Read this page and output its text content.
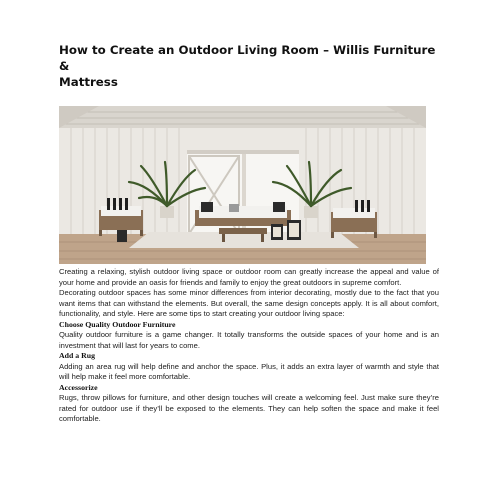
How to Create an Outdoor Living Room – Willis Furniture &
Mattress

Creating a relaxing, stylish outdoor living space or outdoor room can greatly increase the appeal and value of your home and provide an oasis for friends and family to enjoy the great outdoors in supreme comfort.

Decorating outdoor spaces has some minor differences from interior decorating, mostly due to the fact that you want items that can withstand the elements. But overall, the same design concepts apply. It is all about comfort, functionality, and style. Here are some tips to start creating your outdoor living space:

Choose Quality Outdoor Furniture

Quality outdoor furniture is a game changer. It totally transforms the outside spaces of your home and is an investment that will last for years to come.

Add a Rug

Adding an area rug will help define and anchor the space. Plus, it adds an extra layer of warmth and style that will help make it feel more comfortable.

Accessorize

Rugs, throw pillows for furniture, and other design touches will create a welcoming feel. Just make sure they’re rated for outdoor use if they’ll be exposed to the elements. They can help soften the space and make it feel comfortable.
